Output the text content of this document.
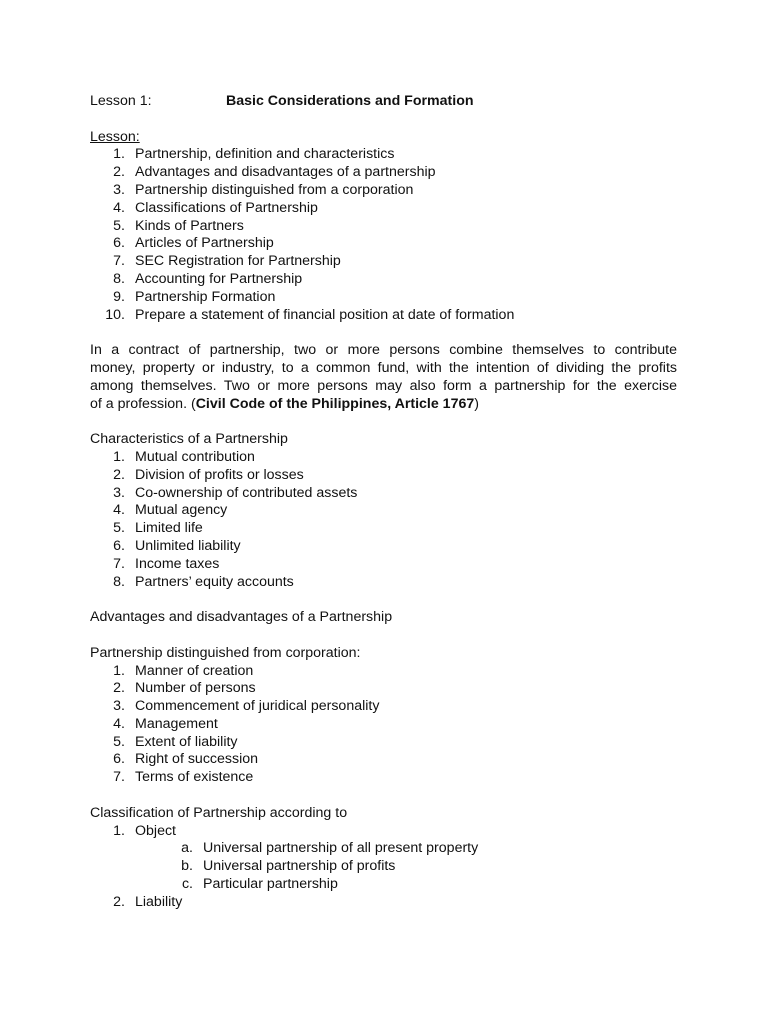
Lesson 1:	Basic Considerations and Formation
Lesson:
1. Partnership, definition and characteristics
2. Advantages and disadvantages of a partnership
3. Partnership distinguished from a corporation
4. Classifications of Partnership
5. Kinds of Partners
6. Articles of Partnership
7. SEC Registration for Partnership
8. Accounting for Partnership
9. Partnership Formation
10. Prepare a statement of financial position at date of formation
In a contract of partnership, two or more persons combine themselves to contribute
money, property or industry, to a common fund, with the intention of dividing the profits
among themselves. Two or more persons may also form a partnership for the exercise
of a profession. (Civil Code of the Philippines, Article 1767)
Characteristics of a Partnership
1. Mutual contribution
2. Division of profits or losses
3. Co-ownership of contributed assets
4. Mutual agency
5. Limited life
6. Unlimited liability
7. Income taxes
8. Partners’ equity accounts
Advantages and disadvantages of a Partnership
Partnership distinguished from corporation:
1. Manner of creation
2. Number of persons
3. Commencement of juridical personality
4. Management
5. Extent of liability
6. Right of succession
7. Terms of existence
Classification of Partnership according to
1. Object
a. Universal partnership of all present property
b. Universal partnership of profits
c. Particular partnership
2. Liability
